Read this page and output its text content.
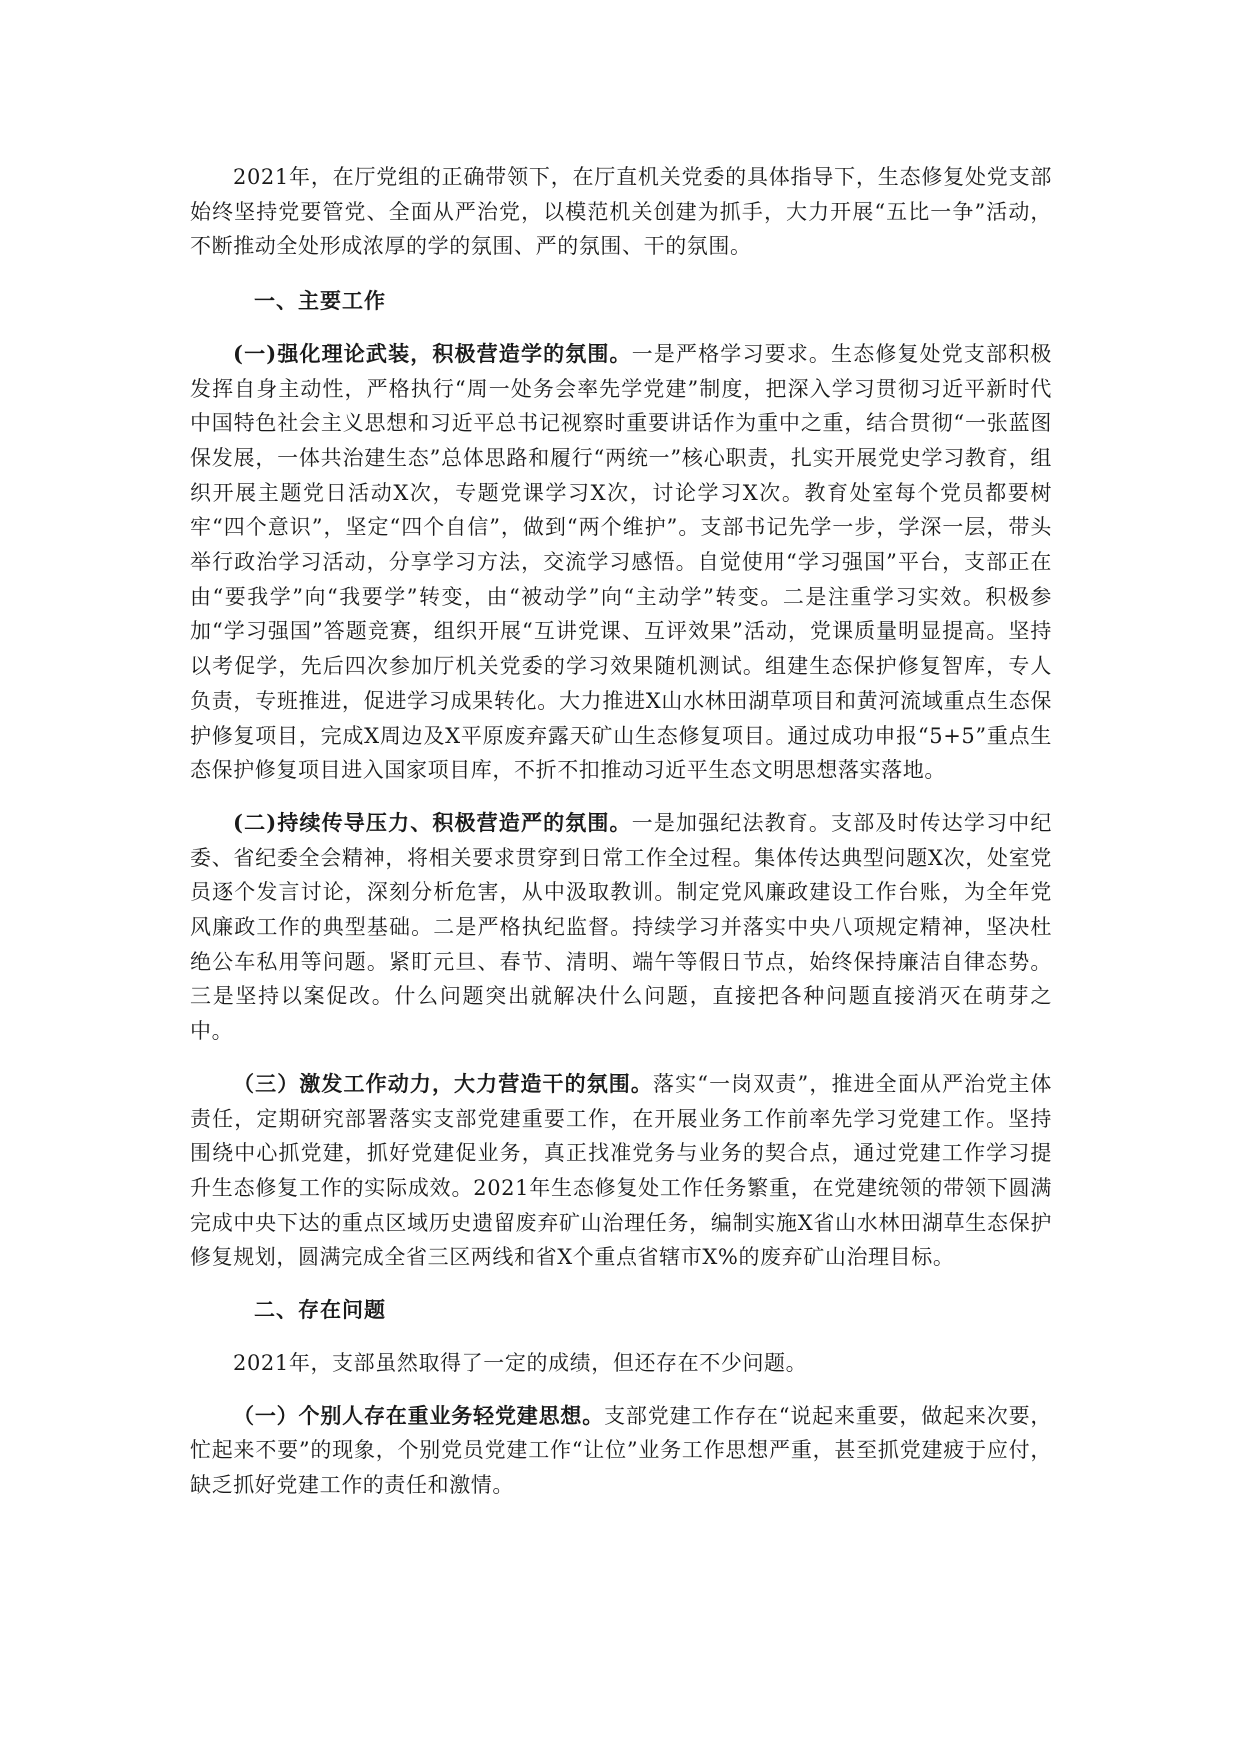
2021年，在厅党组的正确带领下，在厅直机关党委的具体指导下，生态修复处党支部始终坚持党要管党、全面从严治党，以模范机关创建为抓手，大力开展“五比一争”活动，不断推动全处形成浓厚的学的氛围、严的氛围、干的氛围。

一、主要工作

(一)强化理论武装，积极营造学的氛围。一是严格学习要求。生态修复处党支部积极发挥自身主动性，严格执行“周一处务会率先学党建”制度，把深入学习贯彻习近平新时代中国特色社会主义思想和习近平总书记视察时重要讲话作为重中之重，结合贯彻“一张蓝图保发展，一体共治建生态”总体思路和履行“两统一”核心职责，扎实开展党史学习教育，组织开展主题党日活动X次，专题党课学习X次，讨论学习X次。教育处室每个党员都要树牢“四个意识”，坚定“四个自信”，做到“两个维护”。支部书记先学一步，学深一层，带头举行政治学习活动，分享学习方法，交流学习感悟。自觉使用“学习强国”平台，支部正在由“要我学”向“我要学”转变，由“被动学”向“主动学”转变。二是注重学习实效。积极参加“学习强国”答题竞赛，组织开展“互讲党课、互评效果”活动，党课质量明显提高。坚持以考促学，先后四次参加厅机关党委的学习效果随机测试。组建生态保护修复智库，专人负责，专班推进，促进学习成果转化。大力推进X山水林田湖草项目和黄河流域重点生态保护修复项目，完成X周边及X平原废弃露天矿山生态修复项目。通过成功申报“5+5”重点生态保护修复项目进入国家项目库，不折不扣推动习近平生态文明思想落实落地。

(二)持续传导压力、积极营造严的氛围。一是加强纪法教育。支部及时传达学习中纪委、省纪委全会精神，将相关要求贯穿到日常工作全过程。集体传达典型问题X次，处室党员逐个发言讨论，深刻分析危害，从中汲取教训。制定党风廉政建设工作台账，为全年党风廉政工作的典型基础。二是严格执纪监督。持续学习并落实中央八项规定精神，坚决杜绝公车私用等问题。紧盯元旦、春节、清明、端午等假日节点，始终保持廉洁自律态势。三是坚持以案促改。什么问题突出就解决什么问题，直接把各种问题直接消灭在萌芽之中。

（三）激发工作动力，大力营造干的氛围。落实“一岗双责”，推进全面从严治党主体责任，定期研究部署落实支部党建重要工作，在开展业务工作前率先学习党建工作。坚持围绕中心抓党建，抓好党建促业务，真正找准党务与业务的契合点，通过党建工作学习提升生态修复工作的实际成效。2021年生态修复处工作任务繁重，在党建统领的带领下圆满完成中央下达的重点区域历史遗留废弃矿山治理任务，编制实施X省山水林田湖草生态保护修复规划，圆满完成全省三区两线和省X个重点省辖市X%的废弃矿山治理目标。

二、存在问题

2021年，支部虽然取得了一定的成绩，但还存在不少问题。

（一）个别人存在重业务轻党建思想。支部党建工作存在“说起来重要，做起来次要，忙起来不要”的现象，个别党员党建工作“让位”业务工作思想严重，甚至抓党建疲于应付，缺乏抓好党建工作的责任和激情。
